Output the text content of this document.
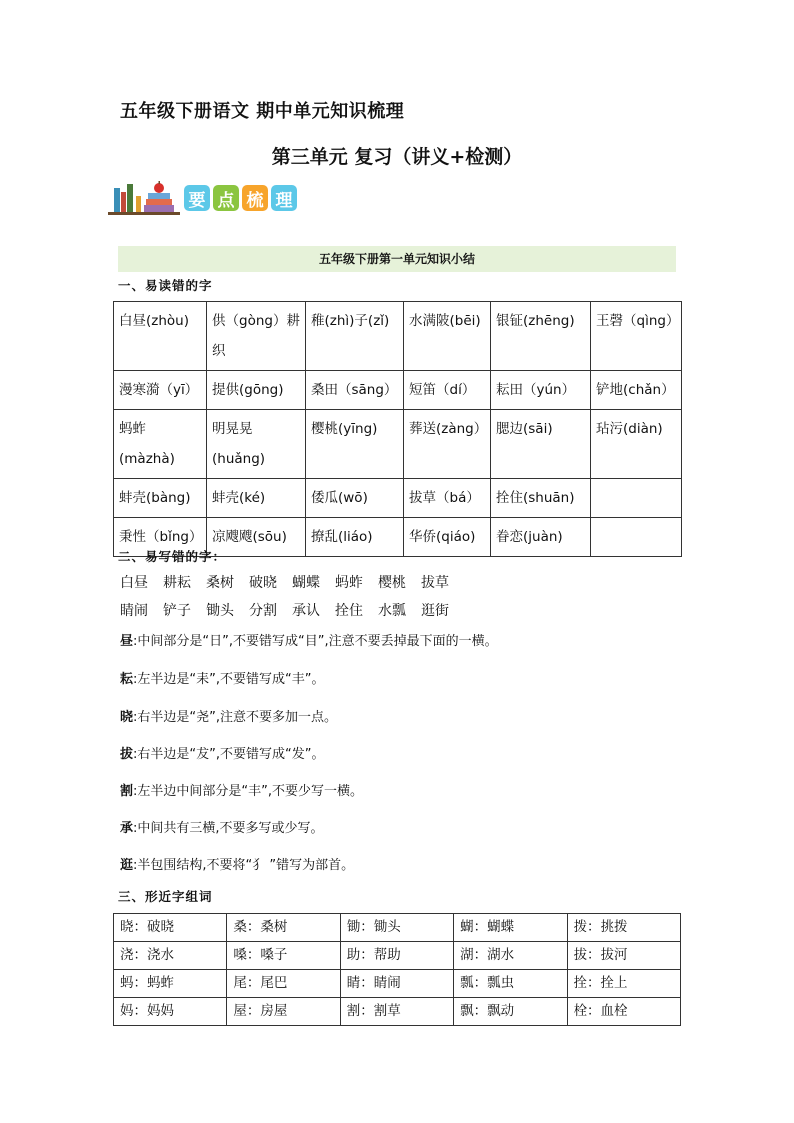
五年级下册语文 期中单元知识梳理
第三单元 复习（讲义+检测）
要 点 梳 理
五年级下册第一单元知识小结
一、易读错的字
白昼(zhòu)	供（gòng）耕织	稚(zhì)子(zǐ)	水满陂(bēi)	银钲(zhēng)	王磬（qìng）
漫寒漪（yī）	提供(gōng)	桑田（sāng）	短笛（dí）	耘田（yún）	铲地(chǎn）
蚂蚱(màzhà)	明晃晃(huǎng)	樱桃(yīng)	葬送(zàng）	腮边(sāi)	玷污(diàn)
蚌壳(bàng)	蚌壳(ké)	倭瓜(wō)	拔草（bá）	拴住(shuān)	
秉性（bǐng）	凉飕飕(sōu)	撩乱(liáo)	华侨(qiáo)	眷恋(juàn)	
二、易写错的字：
白昼 耕耘 桑树 破晓 蝴蝶 蚂蚱 樱桃 拔草
睛闹 铲子 锄头 分割 承认 拴住 水瓢 逛街
昼:中间部分是“日”,不要错写成“目”,注意不要丢掉最下面的一横。
耘:左半边是“耒”,不要错写成“丰”。
晓:右半边是“尧”,注意不要多加一点。
拔:右半边是“犮”,不要错写成“发”。
割:左半边中间部分是“丰”,不要少写一横。
承:中间共有三横,不要多写或少写。
逛:半包围结构,不要将“犭 ”错写为部首。
三、形近字组词
晓：破晓	桑：桑树	锄：锄头	蝴：蝴蝶	拨：挑拨
浇：浇水	嗓：嗓子	助：帮助	湖：湖水	拔：拔河
蚂：蚂蚱	尾：尾巴	睛：睛闹	瓢：瓢虫	拴：拴上
妈：妈妈	屋：房屋	割：割草	飘：飘动	栓：血栓
